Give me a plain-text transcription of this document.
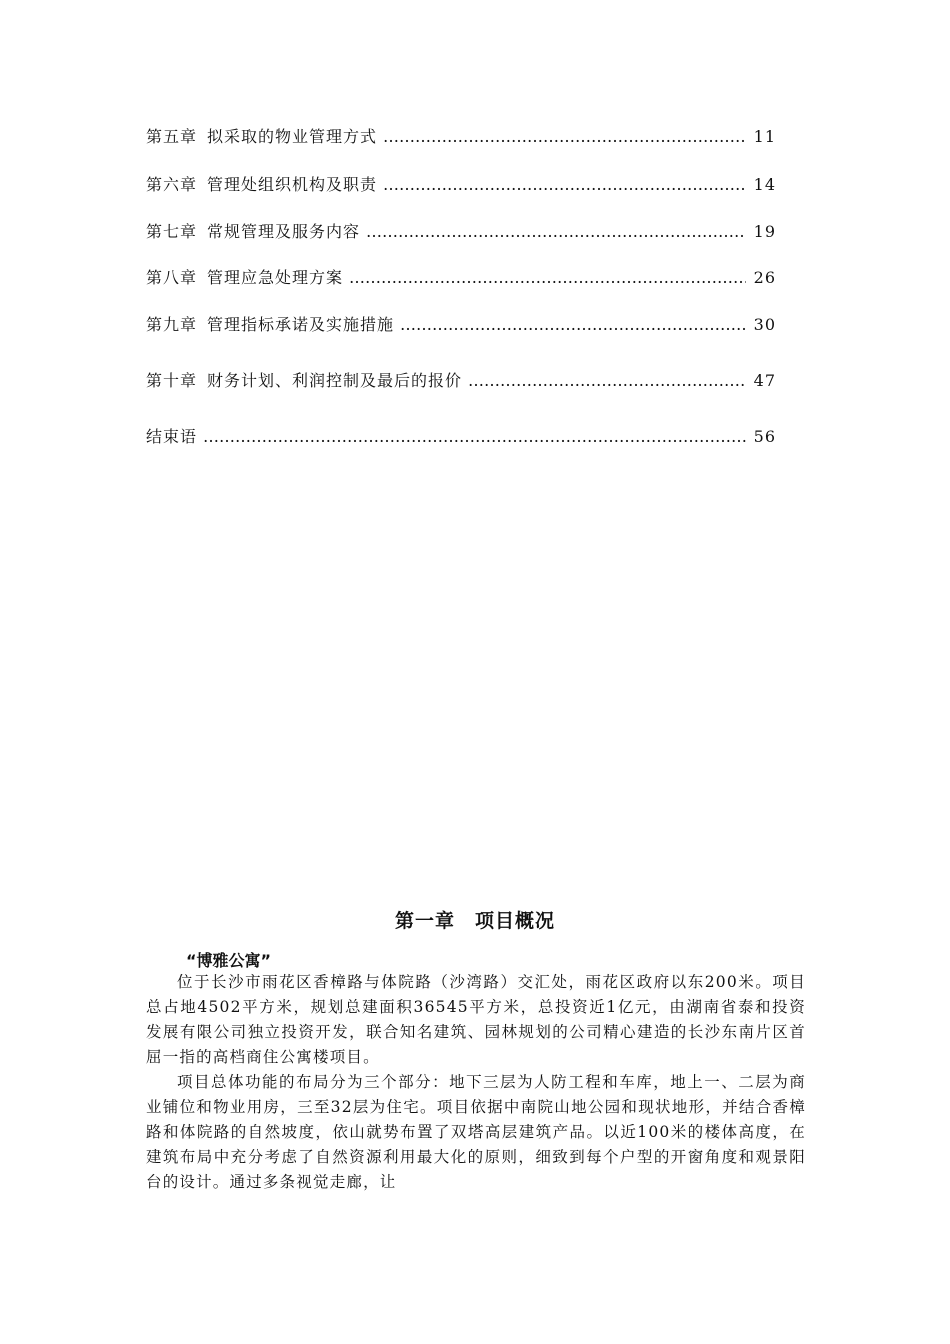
第五章 拟采取的物业管理方式 …………………………………………………………………………………………………………………………………………	11
第六章 管理处组织机构及职责 …………………………………………………………………………………………………………………………………………	14
第七章 常规管理及服务内容 …………………………………………………………………………………………………………………………………………	19
第八章 管理应急处理方案 …………………………………………………………………………………………………………………………………………	26
第九章 管理指标承诺及实施措施 …………………………………………………………………………………………………………………………………………	30
第十章 财务计划、利润控制及最后的报价 …………………………………………………………………………………………………………………………………………	47
结束语 …………………………………………………………………………………………………………………………………………	56
第一章　项目概况
“博雅公寓”

位于长沙市雨花区香樟路与体院路（沙湾路）交汇处，雨花区政府以东200米。项目总占地4502平方米，规划总建面积36545平方米，总投资近1亿元，由湖南省泰和投资发展有限公司独立投资开发，联合知名建筑、园林规划的公司精心建造的长沙东南片区首屈一指的高档商住公寓楼项目。

项目总体功能的布局分为三个部分：地下三层为人防工程和车库，地上一、二层为商业铺位和物业用房，三至32层为住宅。项目依据中南院山地公园和现状地形，并结合香樟路和体院路的自然坡度，依山就势布置了双塔高层建筑产品。以近100米的楼体高度，在建筑布局中充分考虑了自然资源利用最大化的原则，细致到每个户型的开窗角度和观景阳台的设计。通过多条视觉走廊，让
